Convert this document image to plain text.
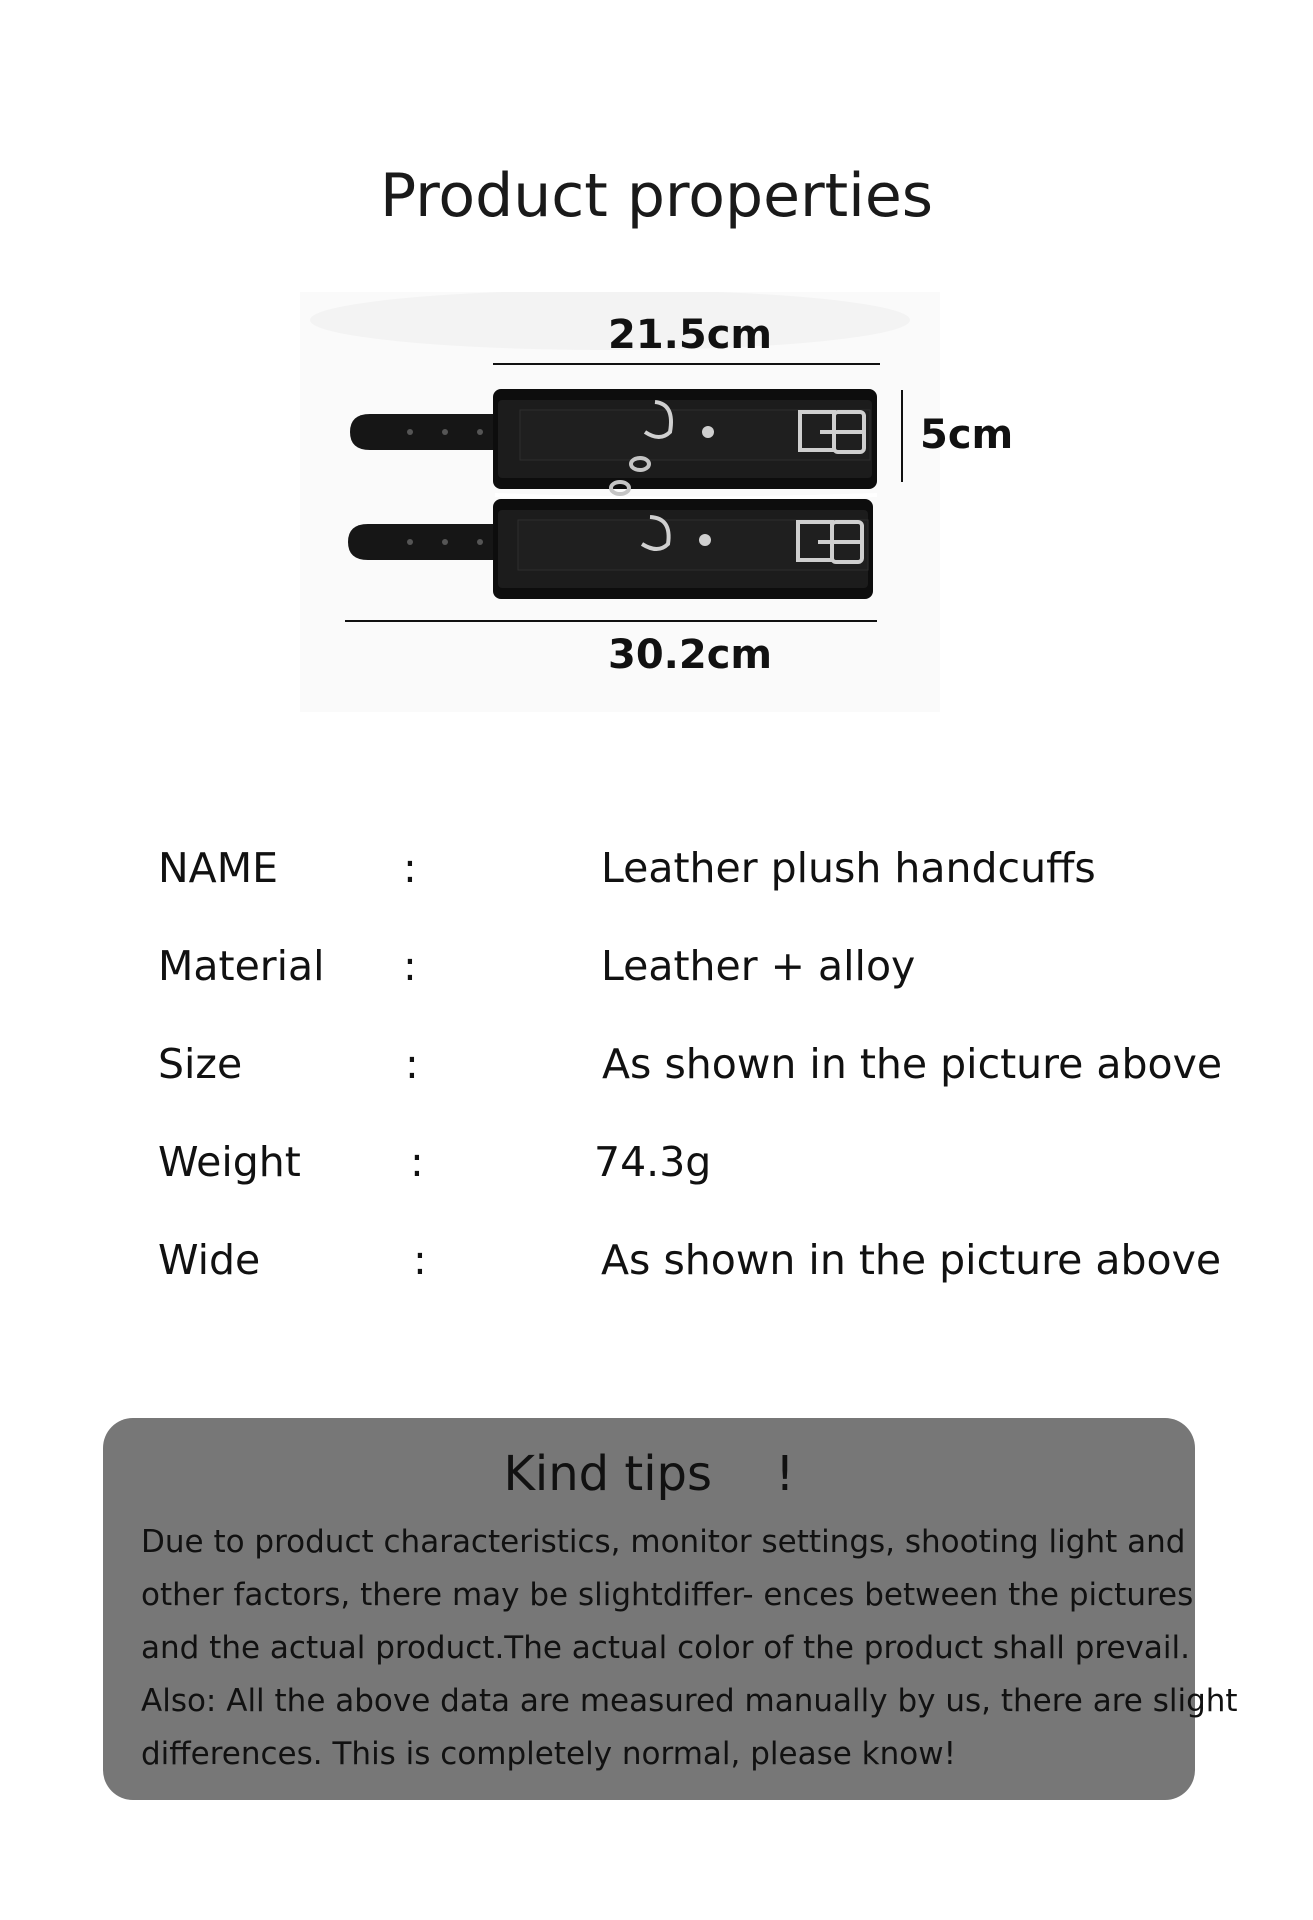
Product properties
21.5cm
5cm
30.2cm
NAME	:	Leather plush handcuffs
Material :	Leather + alloy
Size	:	As shown in the picture above
Weight	:	74.3g
Wide	:	As shown in the picture above
Kind tips 　!
Due to product characteristics, monitor settings, shooting light and
other factors, there may be slightdiffer- ences between the pictures
and the actual product.The actual color of the product shall prevail.
Also: All the above data are measured manually by us, there are slight
differences. This is completely normal, please know!
